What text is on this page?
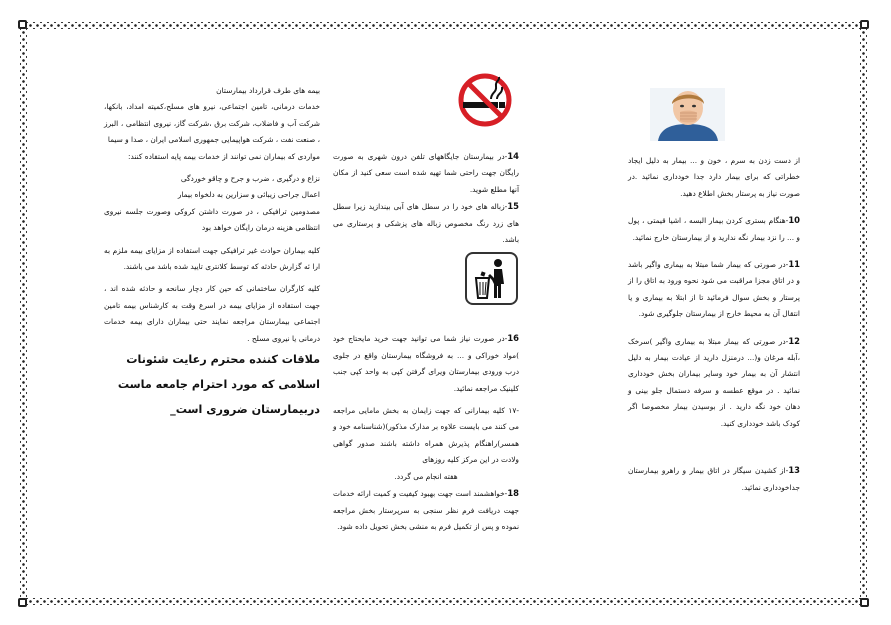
بیمه های طرف قرارداد بیمارستان

خدمات درمانی، تامین اجتماعی، نیرو های مسلح،کمیته امداد، بانکها، شرکت آب و فاضلاب، شرکت برق ،شرکت گاز، نیروی انتظامی ، البرز ، صنعت نفت ، شرکت هواپیمایی جمهوری اسلامی ایران ، صدا و سیما

مواردی که بیماران نمی توانند از خدمات بیمه پایه استفاده کنند:

نزاع و درگیری ، ضرب و جرح و چاقو خوردگی

اعمال جراحی زیبائی و سزارین به دلخواه بیمار

مصدومین ترافیکی ، در صورت داشتن کروکی وصورت جلسه نیروی انتظامی هزینه درمان رایگان خواهد بود

کلیه بیماران حوادث غیر ترافیکی جهت استفاده از مزایای بیمه ملزم به ارا ئه گزارش حادثه که توسط کلانتری تایید شده باشد می باشند.

کلیه کارگران ساختمانی که حین کار دچار سانحه و حادثه شده اند ، جهت استفاده از مزایای بیمه در اسرع وقت به کارشناس بیمه تامین اجتماعی بیمارستان مراجعه نمایند حتی بیماران دارای بیمه خدمات درمانی یا نیروی مسلح .

ملاقات کننده محترم رعایت شئونات اسلامی که مورد احترام جامعه ماست دربیمارستان ضروری است_

14-در بیمارستان جایگاههای تلفن درون شهری به صورت رایگان جهت راحتی شما تهیه شده است سعی کنید از مکان آنها مطلع شوید.

15-زباله های خود را در سطل های آبی بیندازید زیرا سطل های زرد رنگ مخصوص زباله های پزشکی و پرستاری می باشد.

16-در صورت نیاز شما می توانید جهت خرید مایحتاج خود )مواد خوراکی و ... به فروشگاه بیمارستان واقع در جلوی درب ورودی بیمارستان ویرای گرفتن کپی به واحد کپی جنب کلینیک مراجعه نمائید.

-۱۷ کلیه بیمارانی که جهت زایمان به بخش مامایی مراجعه می کنند می بایست علاوه بر مدارک مذکور)(شناسنامه خود و همسر)راهنگام پذیرش همراه داشته باشند صدور گواهی ولادت در این مرکز کلیه روزهای

هفته انجام می گردد.

18-خواهشمند است جهت بهبود کیفیت و کمیت ارائه خدمات جهت دریافت فرم نظر سنجی به سرپرستار بخش مراجعه نموده و پس از تکمیل فرم به منشی بخش تحویل داده شود.

از دست زدن به سرم ، خون و ... بیمار به دلیل ایجاد خطراتی که برای بیمار دارد جدا خودداری نمائید .در صورت نیاز به پرستار بخش اطلاع دهید.

10-هنگام بستری کردن بیمار البسه ، اشیا قیمتی ، پول و ... را نزد بیمار نگه ندارید و از بیمارستان خارج نمائید.

11-در صورتی که بیمار شما مبتلا به بیماری واگیر باشد و در اتاق مجزا مراقبت می شود نحوه ورود به اتاق را از پرستار و بخش سوال فرمائید تا از ابتلا به بیماری و یا انتقال آن به محیط خارج از بیمارستان جلوگیری شود.

12-در صورتی که بیمار مبتلا به بیماری واگیر )سرخک ،آبله مرغان و(... درمنزل دارید از عیادت بیمار به دلیل انتشار آن به بیمار خود وسایر بیماران بخش خودداری نمائید . در موقع عطسه و سرفه دستمال جلو بینی و دهان خود نگه دارید . از بوسیدن بیمار مخصوصا اگر کودک باشد خودداری کنید.

13-از کشیدن سیگار در اتاق بیمار و راهرو بیمارستان جداخودداری نمائید.
